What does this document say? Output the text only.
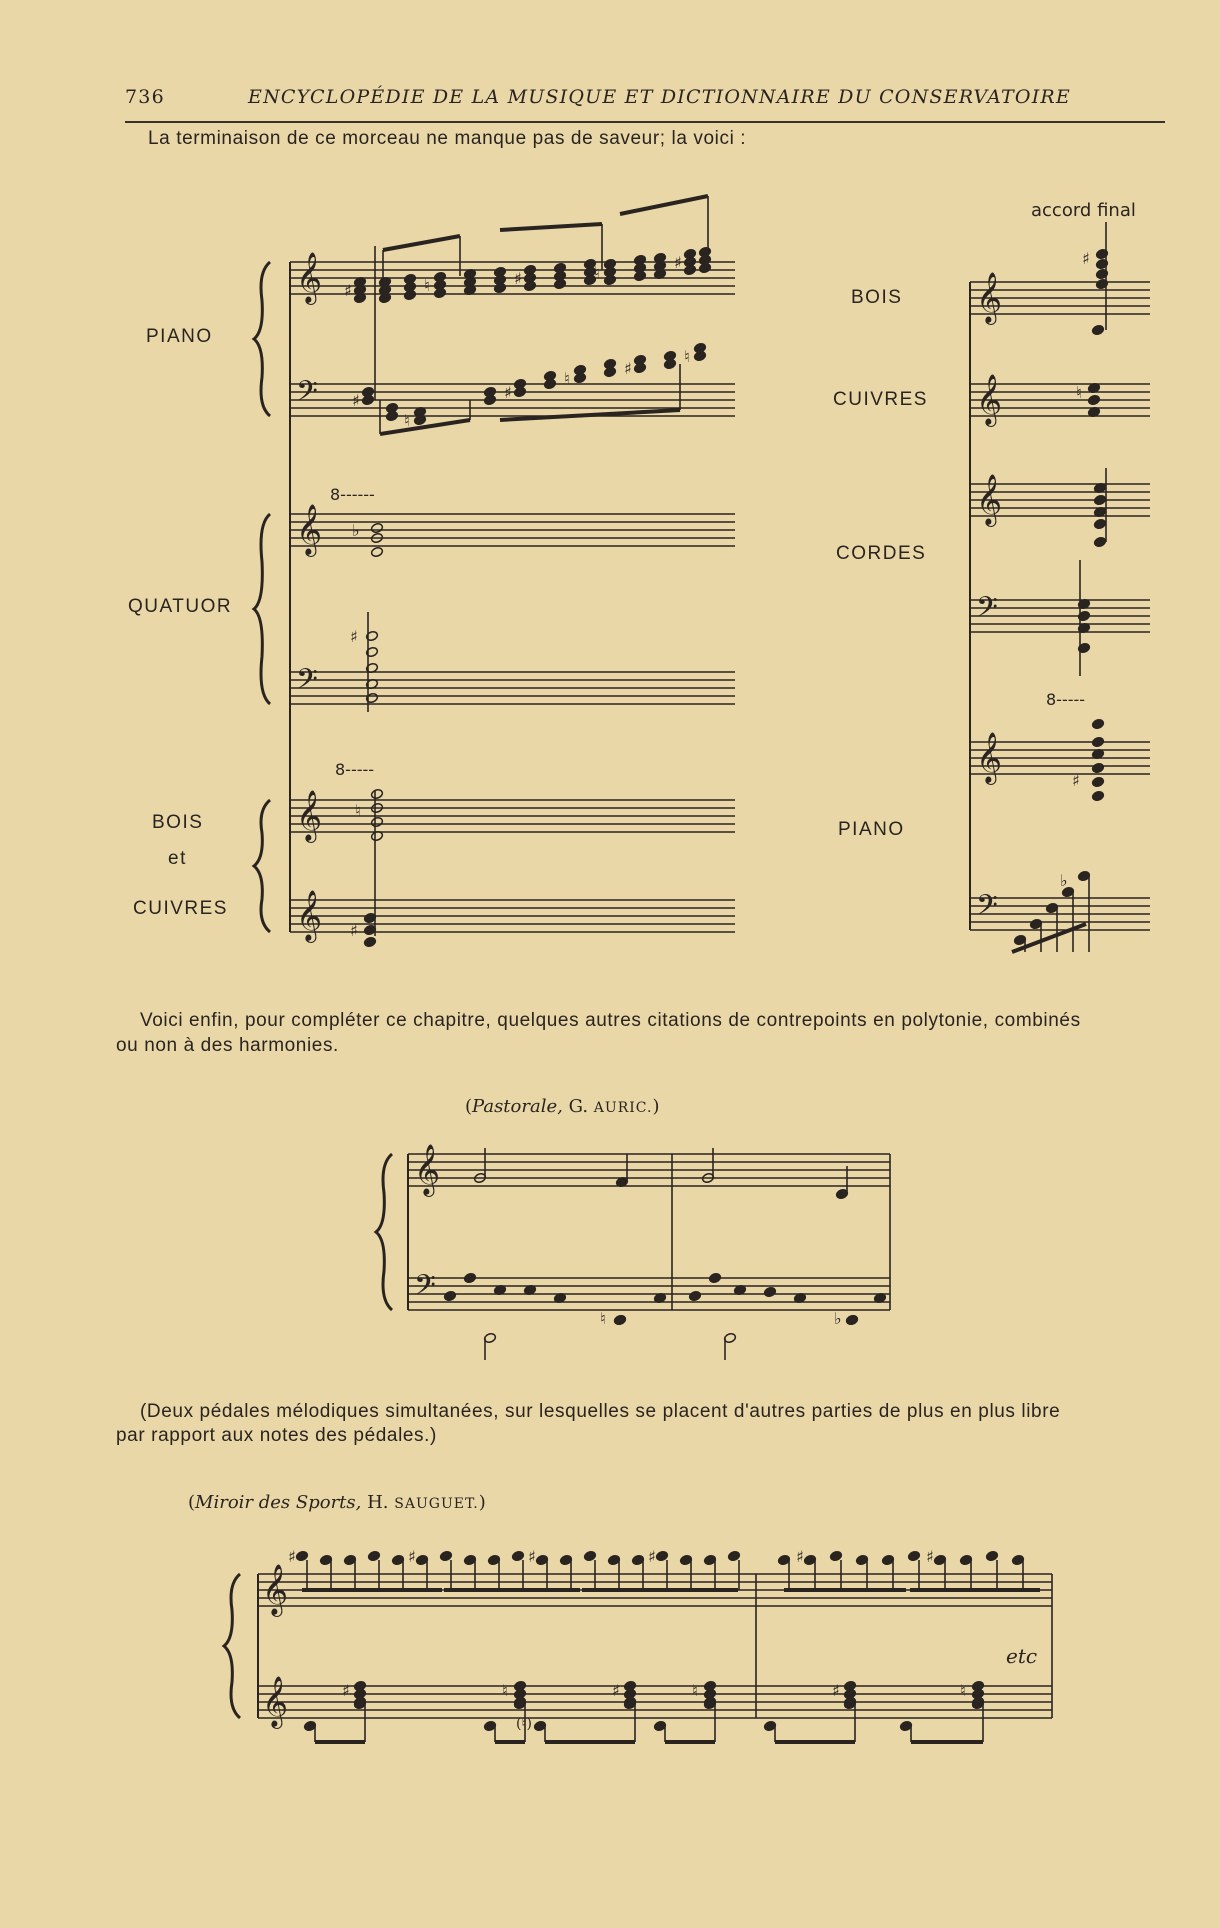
736	ENCYCLOPÉDIE DE LA MUSIQUE ET DICTIONNAIRE DU CONSERVATOIRE
La terminaison de ce morceau ne manque pas de saveur; la voici :
PIANO
QUATUOR
BOIS
et
CUIVRES
8------
8-----
accord final
BOIS
CUIVRES
CORDES
PIANO
8-----
Voici enfin, pour compléter ce chapitre, quelques autres citations de contrepoints en polytonie, combinés
ou non à des harmonies.
(Pastorale, G. AURIC.)
(Deux pédales mélodiques simultanées, sur lesquelles se placent d'autres parties de plus en plus libre
par rapport aux notes des pédales.)
(Miroir des Sports, H. SAUGUET.)
etc
(♮)
𝄞
𝄢
𝄞
𝄢
𝄞
𝄞
♯	♮	♯	♮
♯
♯
♮
♯
♮
♯
♮
♭
♯
♮
♯
𝄞
𝄞
𝄞
𝄢
𝄞
𝄢
♯
♮
♯
♭
𝄞
𝄢
♮	♭
𝄞
𝄞
♯	♯	♯	♯	♯	♯
♯	♮	♯	♮	♯	♮
